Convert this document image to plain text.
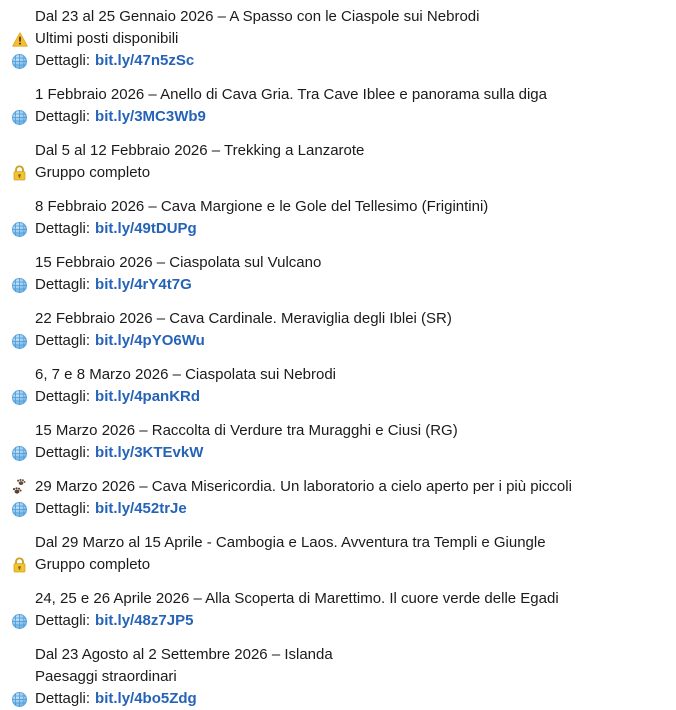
Dal 23 al 25 Gennaio 2026 – A Spasso con le Ciaspole sui Nebrodi
Ultimi posti disponibili
Dettagli: bit.ly/47n5zSc
1 Febbraio 2026 – Anello di Cava Gria. Tra Cave Iblee e panorama sulla diga
Dettagli: bit.ly/3MC3Wb9
Dal 5 al 12 Febbraio 2026 – Trekking a Lanzarote
Gruppo completo
8 Febbraio 2026 – Cava Margione e le Gole del Tellesimo (Frigintini)
Dettagli: bit.ly/49tDUPg
15 Febbraio 2026 – Ciaspolata sul Vulcano
Dettagli: bit.ly/4rY4t7G
22 Febbraio 2026 – Cava Cardinale. Meraviglia degli Iblei (SR)
Dettagli: bit.ly/4pYO6Wu
6, 7 e 8 Marzo 2026 – Ciaspolata sui Nebrodi
Dettagli: bit.ly/4panKRd
15 Marzo 2026 – Raccolta di Verdure tra Muragghi e Ciusi (RG)
Dettagli: bit.ly/3KTEvkW
29 Marzo 2026 – Cava Misericordia. Un laboratorio a cielo aperto per i più piccoli
Dettagli: bit.ly/452trJe
Dal 29 Marzo al 15 Aprile - Cambogia e Laos. Avventura tra Templi e Giungle
Gruppo completo
24, 25 e 26 Aprile 2026 – Alla Scoperta di Marettimo. Il cuore verde delle Egadi
Dettagli: bit.ly/48z7JP5
Dal 23 Agosto al 2 Settembre 2026 – Islanda
Paesaggi straordinari
Dettagli: bit.ly/4bo5Zdg
